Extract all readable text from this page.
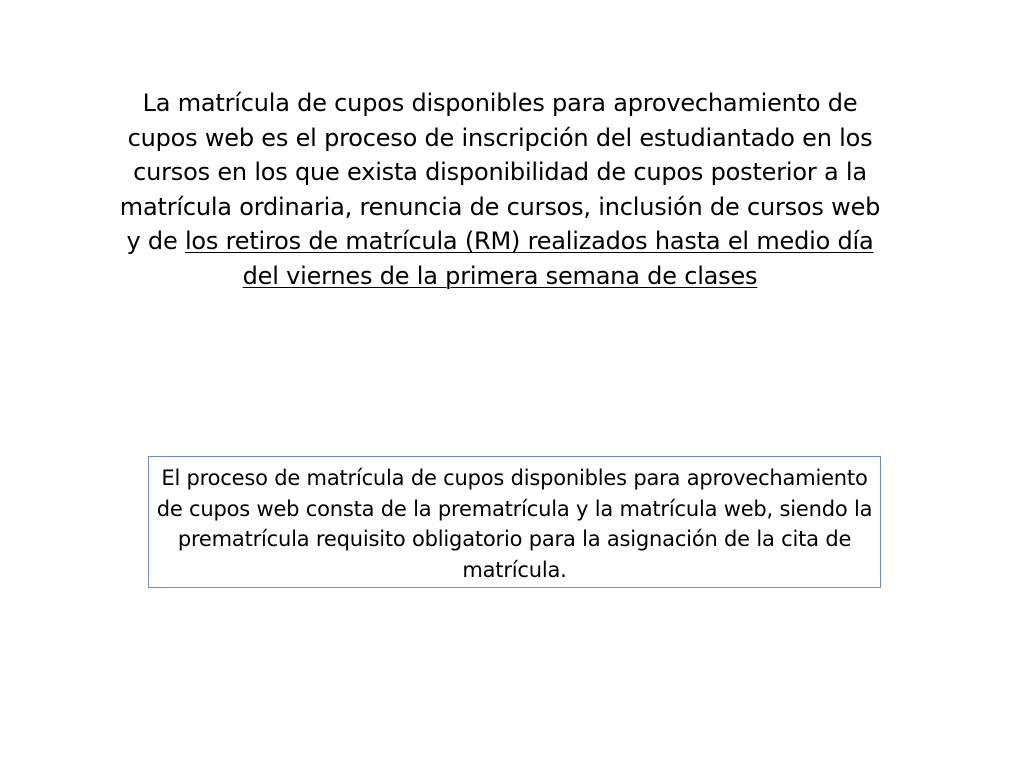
La matrícula de cupos disponibles para aprovechamiento de cupos web es el proceso de inscripción del estudiantado en los cursos en los que exista disponibilidad de cupos posterior a la matrícula ordinaria, renuncia de cursos, inclusión de cursos web y de los retiros de matrícula (RM) realizados hasta el medio día del viernes de la primera semana de clases

El proceso de matrícula de cupos disponibles para aprovechamiento de cupos web consta de la prematrícula y la matrícula web, siendo la prematrícula requisito obligatorio para la asignación de la cita de matrícula.
